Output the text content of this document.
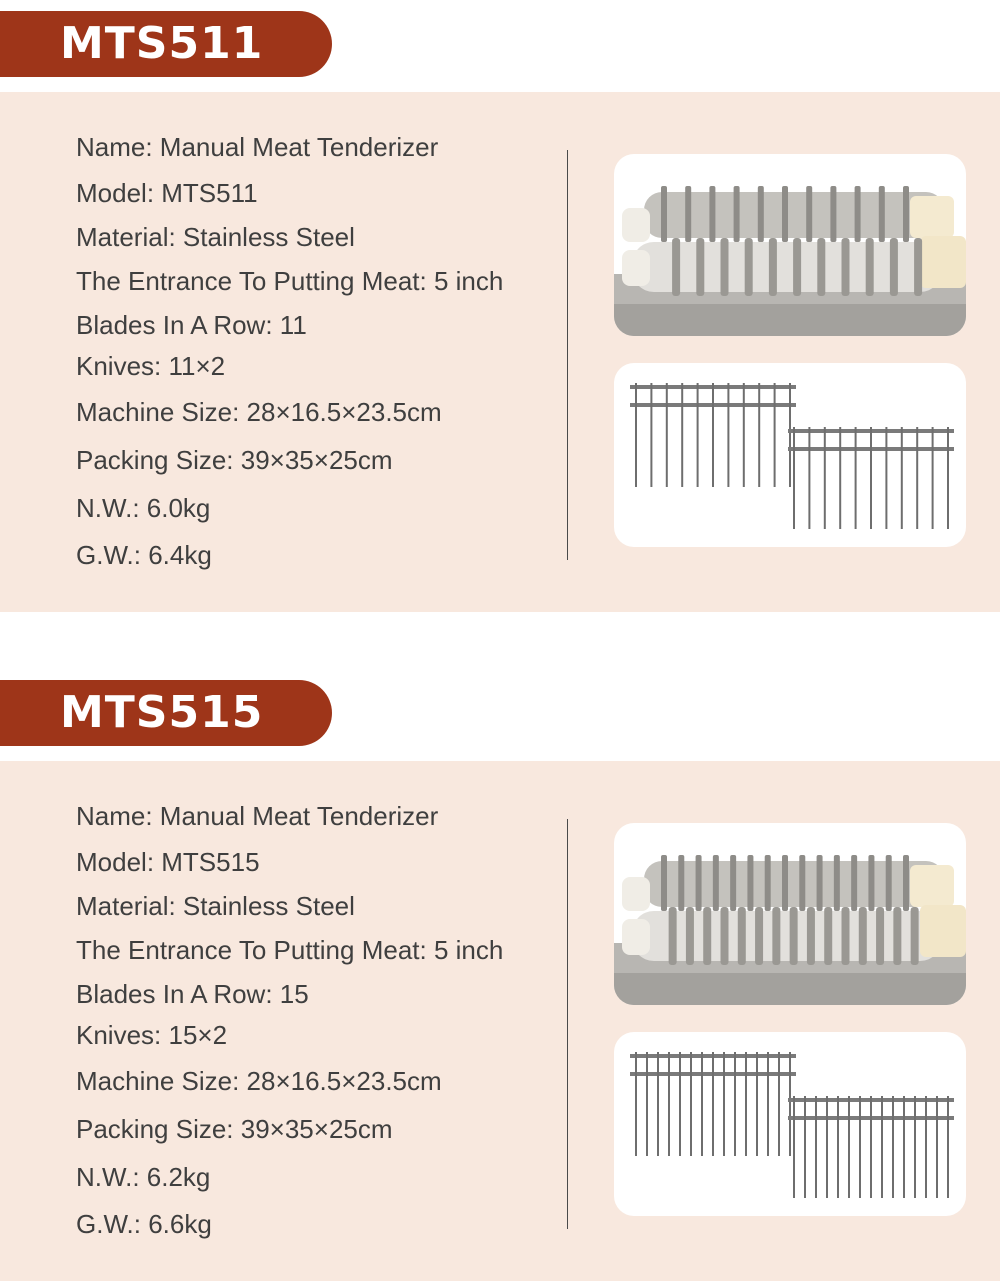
MTS511
Name: Manual Meat Tenderizer
Model: MTS511
Material: Stainless Steel
The Entrance To Putting Meat: 5 inch
Blades In A Row: 11
Knives: 11×2
Machine Size: 28×16.5×23.5cm
Packing Size: 39×35×25cm
N.W.: 6.0kg
G.W.: 6.4kg
MTS515
Name: Manual Meat Tenderizer
Model: MTS515
Material: Stainless Steel
The Entrance To Putting Meat: 5 inch
Blades In A Row: 15
Knives: 15×2
Machine Size: 28×16.5×23.5cm
Packing Size: 39×35×25cm
N.W.: 6.2kg
G.W.: 6.6kg
